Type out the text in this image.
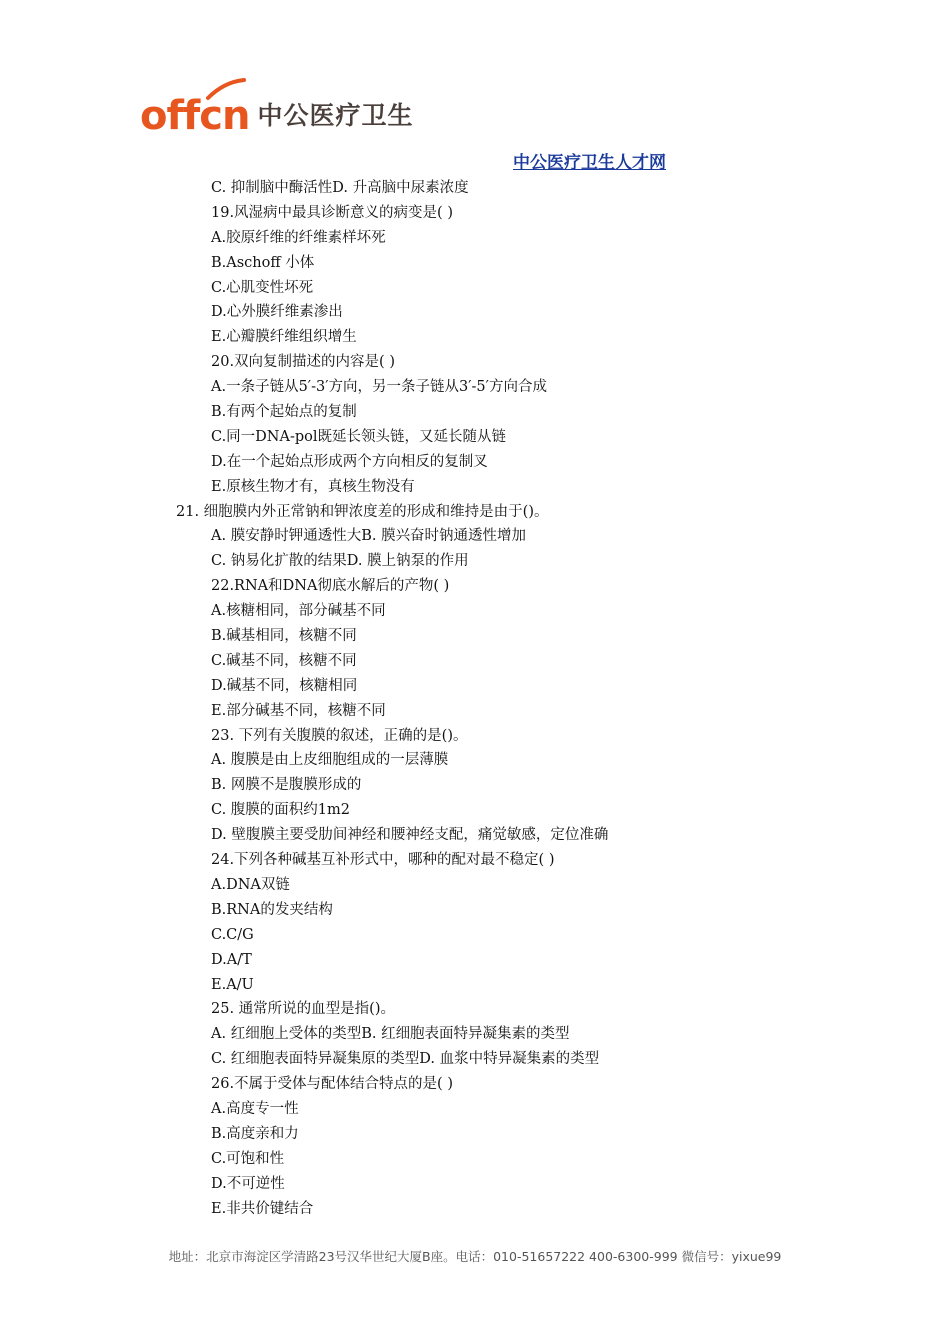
offcn 中公医疗卫生
中公医疗卫生人才网
C. 抑制脑中酶活性D. 升高脑中尿素浓度
19.风湿病中最具诊断意义的病变是( )
A.胶原纤维的纤维素样坏死
B.Aschoff 小体
C.心肌变性坏死
D.心外膜纤维素渗出
E.心瓣膜纤维组织增生
20.双向复制描述的内容是( )
A.一条子链从5′-3′方向，另一条子链从3′-5′方向合成
B.有两个起始点的复制
C.同一DNA-pol既延长领头链，又延长随从链
D.在一个起始点形成两个方向相反的复制叉
E.原核生物才有，真核生物没有
21. 细胞膜内外正常钠和钾浓度差的形成和维持是由于()。
A. 膜安静时钾通透性大B. 膜兴奋时钠通透性增加
C. 钠易化扩散的结果D. 膜上钠泵的作用
22.RNA和DNA彻底水解后的产物( )
A.核糖相同，部分碱基不同
B.碱基相同，核糖不同
C.碱基不同，核糖不同
D.碱基不同，核糖相同
E.部分碱基不同，核糖不同
23. 下列有关腹膜的叙述，正确的是()。
A. 腹膜是由上皮细胞组成的一层薄膜
B. 网膜不是腹膜形成的
C. 腹膜的面积约1m2
D. 壁腹膜主要受肋间神经和腰神经支配，痛觉敏感，定位准确
24.下列各种碱基互补形式中，哪种的配对最不稳定( )
A.DNA双链
B.RNA的发夹结构
C.C/G
D.A/T
E.A/U
25. 通常所说的血型是指()。
A. 红细胞上受体的类型B. 红细胞表面特异凝集素的类型
C. 红细胞表面特异凝集原的类型D. 血浆中特异凝集素的类型
26.不属于受体与配体结合特点的是( )
A.高度专一性
B.高度亲和力
C.可饱和性
D.不可逆性
E.非共价键结合
地址：北京市海淀区学清路23号汉华世纪大厦B座。电话：010-51657222 400-6300-999 微信号：yixue99
